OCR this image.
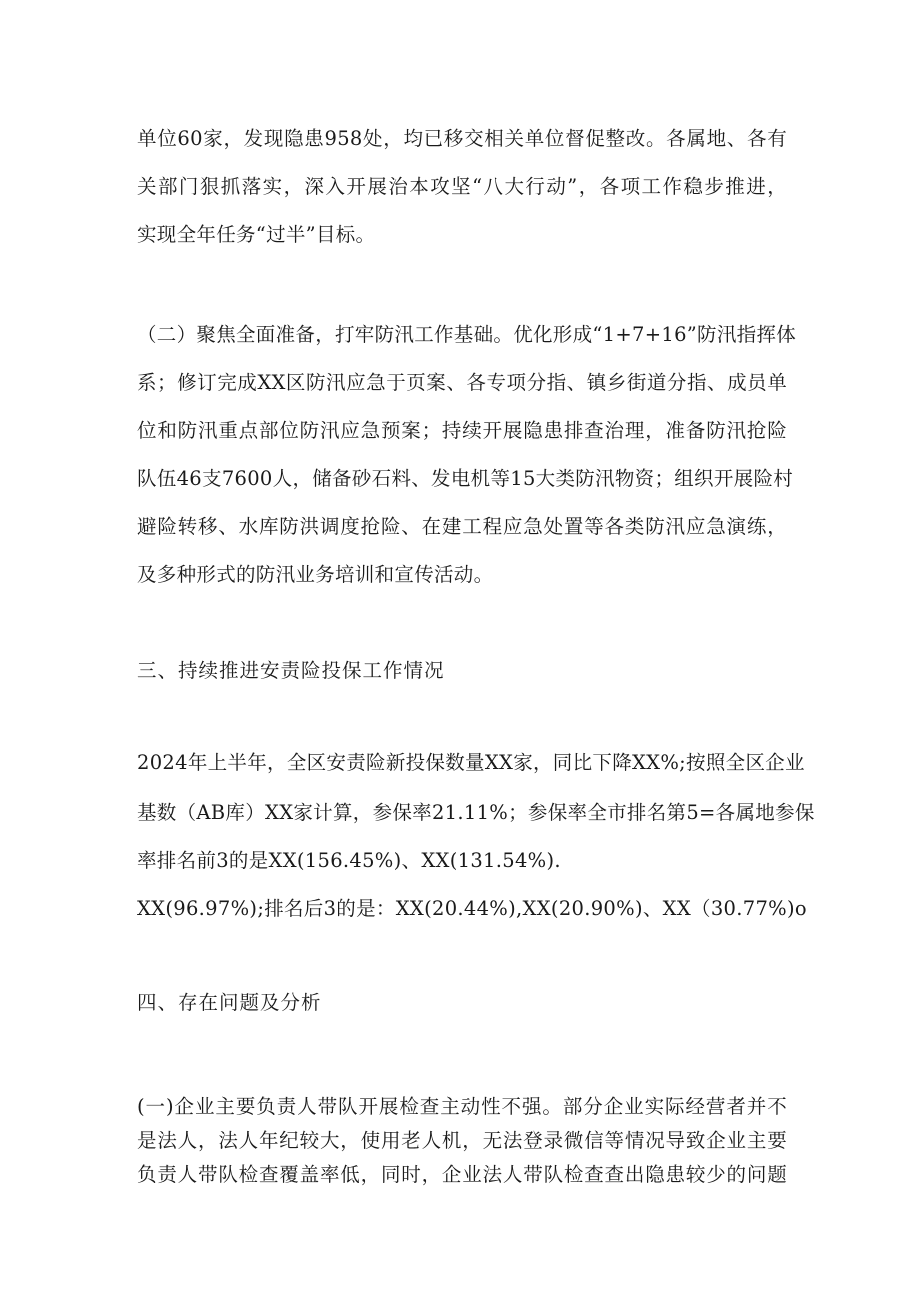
单位60家，发现隐患958处，均已移交相关单位督促整改。各属地、各有
关部门狠抓落实，深入开展治本攻坚“八大行动”，各项工作稳步推进，
实现全年任务“过半”目标。
（二）聚焦全面准备，打牢防汛工作基础。优化形成“1+7+16”防汛指挥体
系；修订完成XX区防汛应急于页案、各专项分指、镇乡街道分指、成员单
位和防汛重点部位防汛应急预案；持续开展隐患排查治理，准备防汛抢险
队伍46支7600人，储备砂石料、发电机等15大类防汛物资；组织开展险村
避险转移、水库防洪调度抢险、在建工程应急处置等各类防汛应急演练，
及多种形式的防汛业务培训和宣传活动。
三、持续推进安责险投保工作情况
2024年上半年，全区安责险新投保数量XX家，同比下降XX%;按照全区企业
基数（AB库）XX家计算，参保率21.11%；参保率全市排名第5=各属地参保
率排名前3的是XX(156.45%)、XX(131.54%).
XX(96.97%);排名后3的是：XX(20.44%),XX(20.90%)、XX（30.77%)o
四、存在问题及分析
(一)企业主要负责人带队开展检查主动性不强。部分企业实际经营者并不
是法人，法人年纪较大，使用老人机，无法登录微信等情况导致企业主要
负责人带队检查覆盖率低，同时，企业法人带队检查查出隐患较少的问题
